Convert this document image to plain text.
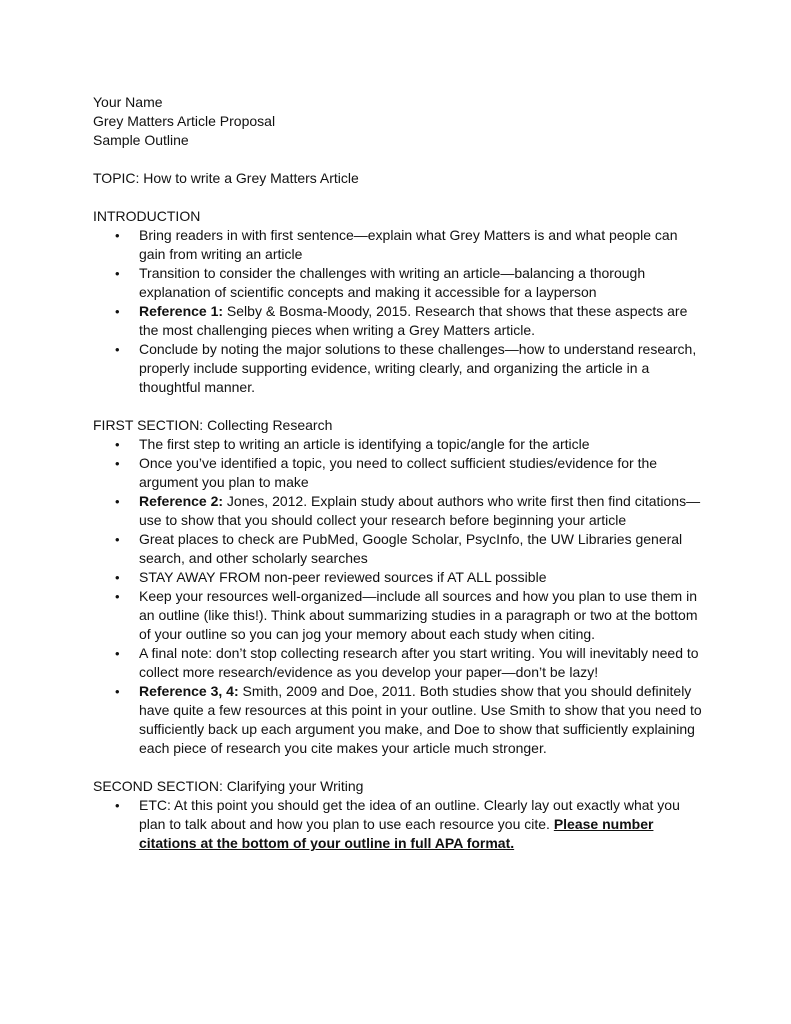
Your Name

Grey Matters Article Proposal

Sample Outline

TOPIC: How to write a Grey Matters Article

INTRODUCTION

• Bring readers in with first sentence—explain what Grey Matters is and what people can gain from writing an article
• Transition to consider the challenges with writing an article—balancing a thorough explanation of scientific concepts and making it accessible for a layperson
• Reference 1: Selby & Bosma-Moody, 2015. Research that shows that these aspects are the most challenging pieces when writing a Grey Matters article.
• Conclude by noting the major solutions to these challenges—how to understand research, properly include supporting evidence, writing clearly, and organizing the article in a thoughtful manner.

FIRST SECTION: Collecting Research

• The first step to writing an article is identifying a topic/angle for the article
• Once you’ve identified a topic, you need to collect sufficient studies/evidence for the argument you plan to make
• Reference 2: Jones, 2012. Explain study about authors who write first then find citations—use to show that you should collect your research before beginning your article
• Great places to check are PubMed, Google Scholar, PsycInfo, the UW Libraries general search, and other scholarly searches
• STAY AWAY FROM non-peer reviewed sources if AT ALL possible
• Keep your resources well-organized—include all sources and how you plan to use them in an outline (like this!). Think about summarizing studies in a paragraph or two at the bottom of your outline so you can jog your memory about each study when citing.
• A final note: don’t stop collecting research after you start writing. You will inevitably need to collect more research/evidence as you develop your paper—don’t be lazy!
• Reference 3, 4: Smith, 2009 and Doe, 2011. Both studies show that you should definitely have quite a few resources at this point in your outline. Use Smith to show that you need to sufficiently back up each argument you make, and Doe to show that sufficiently explaining each piece of research you cite makes your article much stronger.

SECOND SECTION: Clarifying your Writing

• ETC: At this point you should get the idea of an outline. Clearly lay out exactly what you plan to talk about and how you plan to use each resource you cite. Please number citations at the bottom of your outline in full APA format.
